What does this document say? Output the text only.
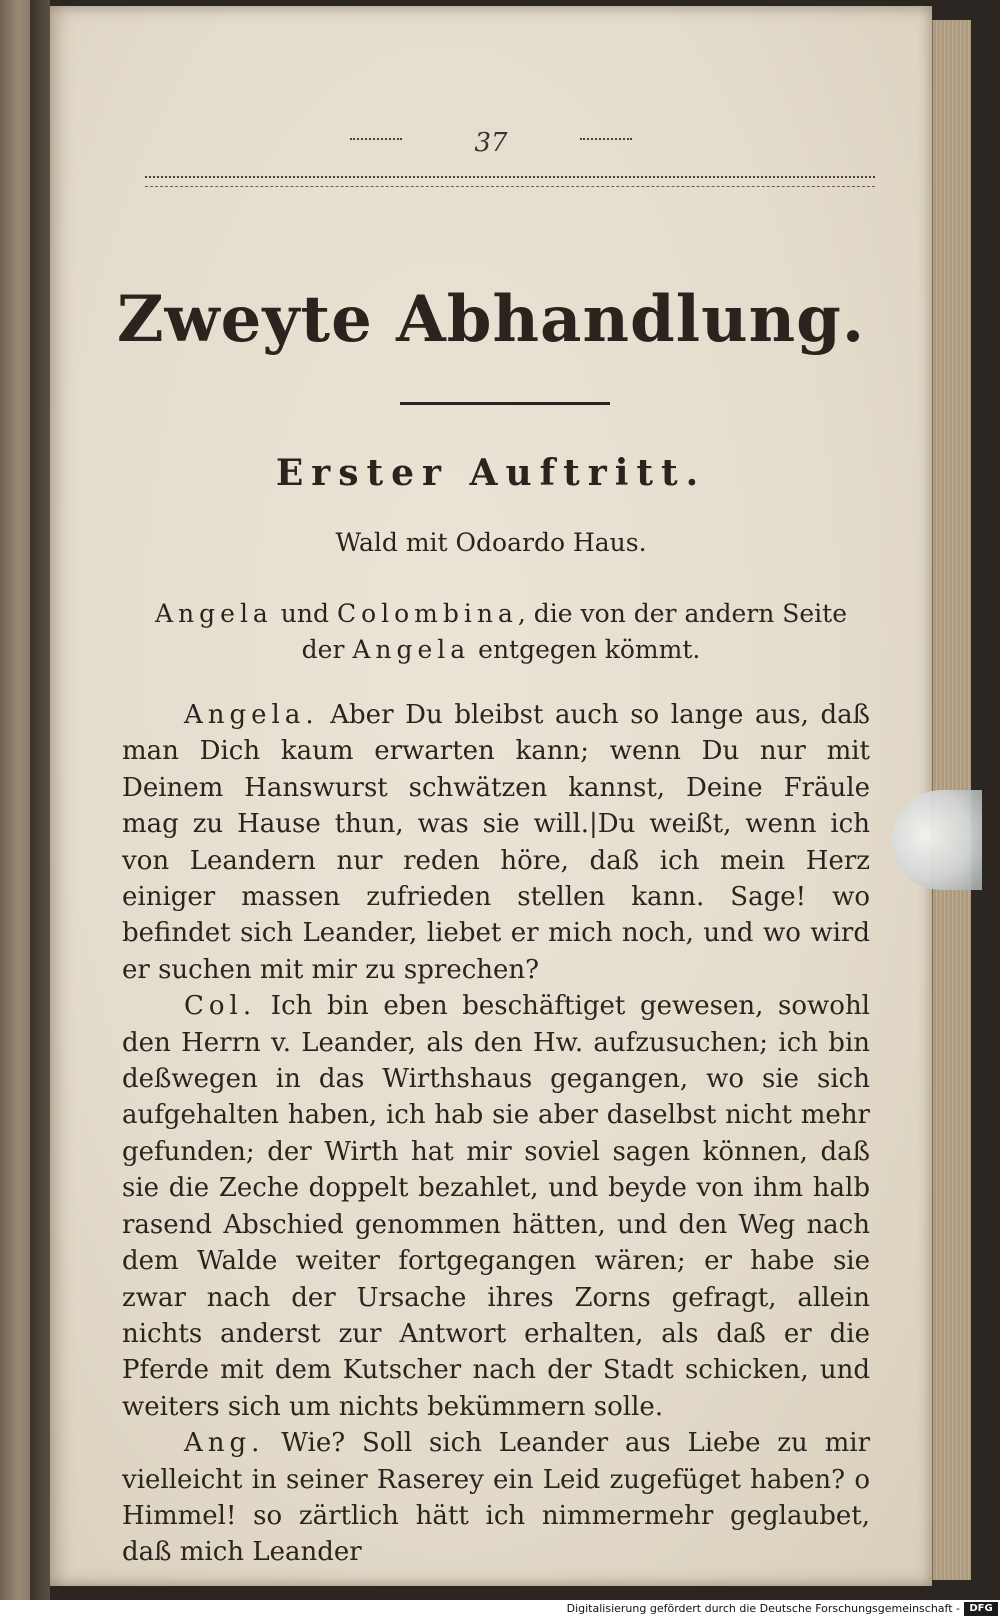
37
Zweyte Abhandlung.
Erster Auftritt.
Wald mit Odoardo Haus.
Angela und Colombina, die von der andern Seite der Angela entgegen kömmt.

Angela. Aber Du bleibst auch so lange aus, daß man Dich kaum erwarten kann; wenn Du nur mit Deinem Hanswurst schwätzen kannst, Deine Fräule mag zu Hause thun, was sie will.|Du weißt, wenn ich von Leandern nur reden höre, daß ich mein Herz einiger massen zufrieden stellen kann. Sage! wo befindet sich Leander, liebet er mich noch, und wo wird er suchen mit mir zu sprechen?

Col. Ich bin eben beschäftiget gewesen, sowohl den Herrn v. Leander, als den Hw. aufzusuchen; ich bin deßwegen in das Wirthshaus gegangen, wo sie sich aufgehalten haben, ich hab sie aber daselbst nicht mehr gefunden; der Wirth hat mir soviel sagen können, daß sie die Zeche doppelt bezahlet, und beyde von ihm halb rasend Abschied genommen hätten, und den Weg nach dem Walde weiter fortgegangen wären; er habe sie zwar nach der Ursache ihres Zorns gefragt, allein nichts anderst zur Antwort erhalten, als daß er die Pferde mit dem Kutscher nach der Stadt schicken, und weiters sich um nichts bekümmern solle.

Ang. Wie? Soll sich Leander aus Liebe zu mir vielleicht in seiner Raserey ein Leid zugefüget haben? o Himmel! so zärtlich hätt ich nimmermehr geglaubet, daß mich Leander

Digitalisierung gefördert durch die Deutsche Forschungsgemeinschaft - DFG
